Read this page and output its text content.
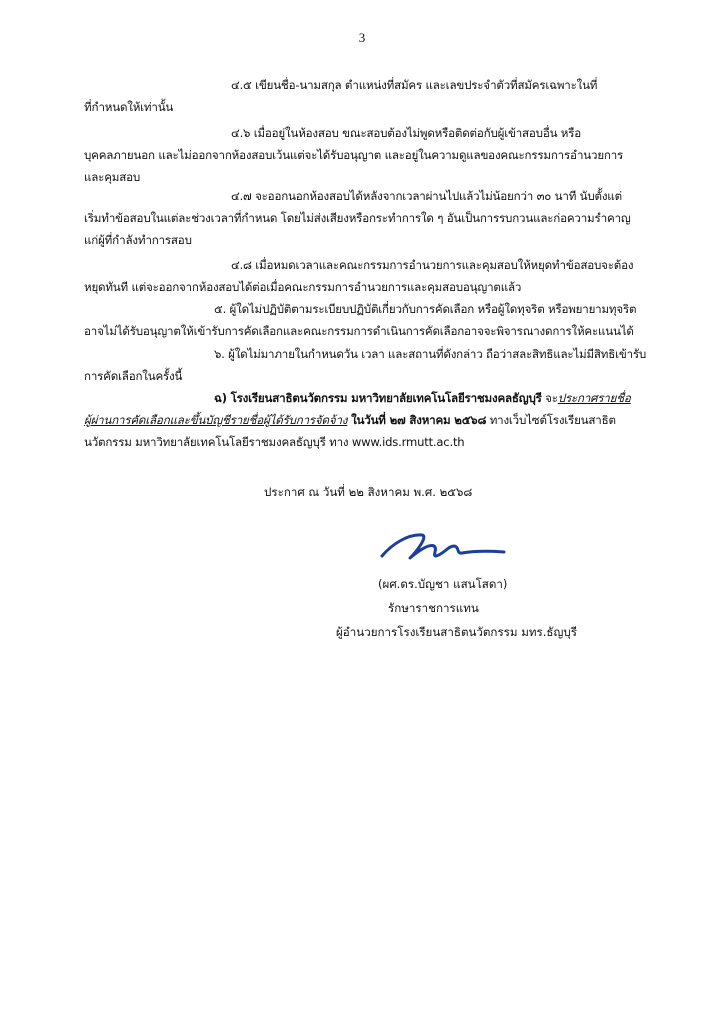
3
๔.๕ เขียนชื่อ-นามสกุล ตำแหน่งที่สมัคร และเลขประจำตัวที่สมัครเฉพาะในที่
ที่กำหนดให้เท่านั้น
๔.๖ เมื่ออยู่ในห้องสอบ ขณะสอบต้องไม่พูดหรือติดต่อกับผู้เข้าสอบอื่น หรือ
บุคคลภายนอก และไม่ออกจากห้องสอบเว้นแต่จะได้รับอนุญาต และอยู่ในความดูแลของคณะกรรมการอำนวยการ
และคุมสอบ
๔.๗ จะออกนอกห้องสอบได้หลังจากเวลาผ่านไปแล้วไม่น้อยกว่า ๓๐ นาที นับตั้งแต่
เริ่มทำข้อสอบในแต่ละช่วงเวลาที่กำหนด โดยไม่ส่งเสียงหรือกระทำการใด ๆ อันเป็นการรบกวนและก่อความรำคาญ
แก่ผู้ที่กำลังทำการสอบ
๔.๘ เมื่อหมดเวลาและคณะกรรมการอำนวยการและคุมสอบให้หยุดทำข้อสอบจะต้อง
หยุดทันที แต่จะออกจากห้องสอบได้ต่อเมื่อคณะกรรมการอำนวยการและคุมสอบอนุญาตแล้ว
๕. ผู้ใดไม่ปฏิบัติตามระเบียบปฏิบัติเกี่ยวกับการคัดเลือก หรือผู้ใดทุจริต หรือพยายามทุจริต
อาจไม่ได้รับอนุญาตให้เข้ารับการคัดเลือกและคณะกรรมการดำเนินการคัดเลือกอาจจะพิจารณางดการให้คะแนนได้
๖. ผู้ใดไม่มาภายในกำหนดวัน เวลา และสถานที่ดังกล่าว ถือว่าสละสิทธิและไม่มีสิทธิเข้ารับ
การคัดเลือกในครั้งนี้
ฉ) โรงเรียนสาธิตนวัตกรรม มหาวิทยาลัยเทคโนโลยีราชมงคลธัญบุรี จะประกาศรายชื่อ
ผู้ผ่านการคัดเลือกและขึ้นบัญชีรายชื่อผู้ได้รับการจัดจ้าง ในวันที่ ๒๗ สิงหาคม ๒๕๖๘ ทางเว็บไซต์โรงเรียนสาธิต
นวัตกรรม มหาวิทยาลัยเทคโนโลยีราชมงคลธัญบุรี ทาง www.ids.rmutt.ac.th
ประกาศ ณ วันที่ ๒๒ สิงหาคม พ.ศ. ๒๕๖๘
(ผศ.ดร.บัญชา แสนโสดา)
รักษาราชการแทน
ผู้อำนวยการโรงเรียนสาธิตนวัตกรรม มทร.ธัญบุรี
